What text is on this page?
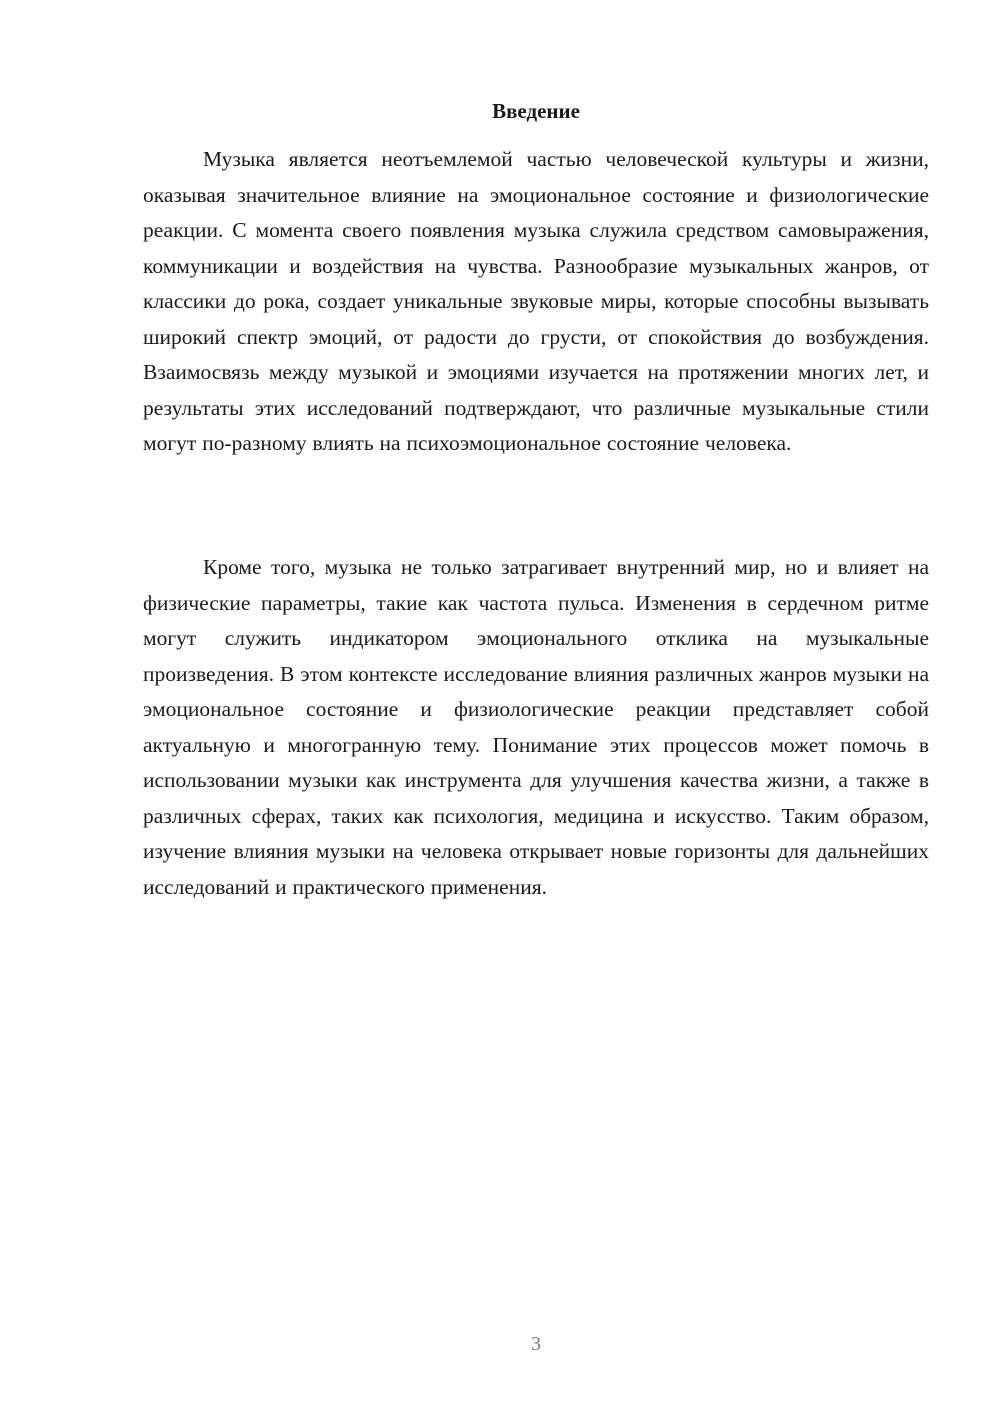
Введение

Музыка является неотъемлемой частью человеческой культуры и жизни, оказывая значительное влияние на эмоциональное состояние и физиологические реакции. С момента своего появления музыка служила средством самовыражения, коммуникации и воздействия на чувства. Разнообразие музыкальных жанров, от классики до рока, создает уникальные звуковые миры, которые способны вызывать широкий спектр эмоций, от радости до грусти, от спокойствия до возбуждения. Взаимосвязь между музыкой и эмоциями изучается на протяжении многих лет, и результаты этих исследований подтверждают, что различные музыкальные стили могут по-разному влиять на психоэмоциональное состояние человека.

Кроме того, музыка не только затрагивает внутренний мир, но и влияет на физические параметры, такие как частота пульса. Изменения в сердечном ритме могут служить индикатором эмоционального отклика на музыкальные произведения. В этом контексте исследование влияния различных жанров музыки на эмоциональное состояние и физиологические реакции представляет собой актуальную и многогранную тему. Понимание этих процессов может помочь в использовании музыки как инструмента для улучшения качества жизни, а также в различных сферах, таких как психология, медицина и искусство. Таким образом, изучение влияния музыки на человека открывает новые горизонты для дальнейших исследований и практического применения.

3
